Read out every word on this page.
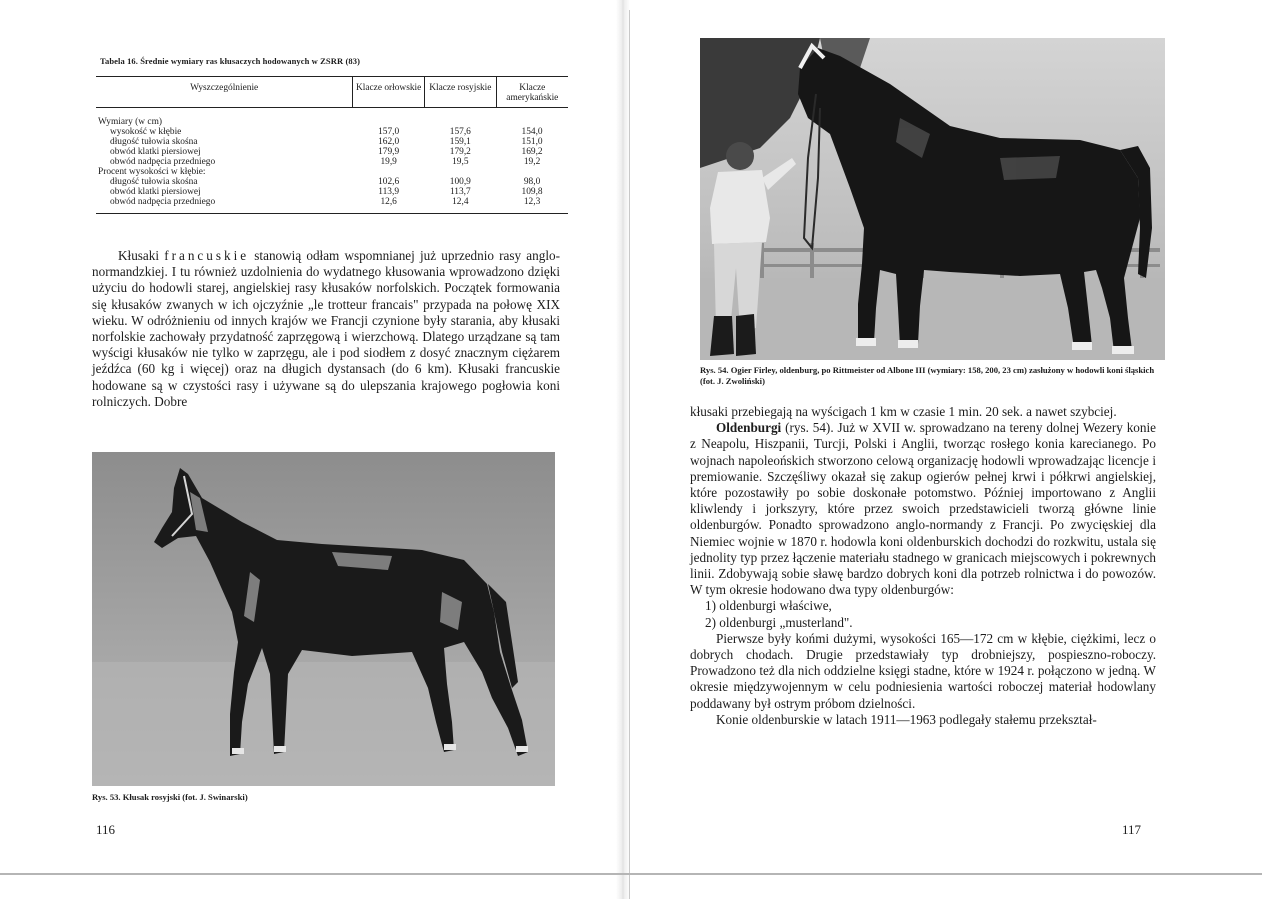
Tabela 16. Średnie wymiary ras kłusaczych hodowanych w ZSRR (83)
Wyszczególnienie	Klacze orłowskie	Klacze rosyjskie	Klacze amerykańskie
Wymiary (w cm)			
wysokość w kłębie	157,0	157,6	154,0
długość tułowia skośna	162,0	159,1	151,0
obwód klatki piersiowej	179,9	179,2	169,2
obwód nadpęcia przedniego	19,9	19,5	19,2
Procent wysokości w kłębie:			
długość tułowia skośna	102,6	100,9	98,0
obwód klatki piersiowej	113,9	113,7	109,8
obwód nadpęcia przedniego	12,6	12,4	12,3

Kłusaki francuskie stanowią odłam wspomnianej już uprzednio rasy anglo-normandzkiej. I tu również uzdolnienia do wydatnego kłusowania wprowadzono dzięki użyciu do hodowli starej, angielskiej rasy kłusaków norfolskich. Początek formowania się kłusaków zwanych w ich ojczyźnie „le trotteur francais" przypada na połowę XIX wieku. W odróżnieniu od innych krajów we Francji czynione były starania, aby kłusaki norfolskie zachowały przydatność zaprzęgową i wierzchową. Dlatego urządzane są tam wyścigi kłusaków nie tylko w zaprzęgu, ale i pod siodłem z dosyć znacznym ciężarem jeźdźca (60 kg i więcej) oraz na długich dystansach (do 6 km). Kłusaki francuskie hodowane są w czystości rasy i używane są do ulepszania krajowego pogłowia koni rolniczych. Dobre

Rys. 53. Kłusak rosyjski (fot. J. Swinarski)
116
Rys. 54. Ogier Firley, oldenburg, po Rittmeister od Albone III (wymiary: 158, 200, 23 cm) zasłużony w hodowli koni śląskich (fot. J. Zwoliński)

kłusaki przebiegają na wyścigach 1 km w czasie 1 min. 20 sek. a nawet szybciej.

Oldenburgi (rys. 54). Już w XVII w. sprowadzano na tereny dolnej Wezery konie z Neapolu, Hiszpanii, Turcji, Polski i Anglii, tworząc rosłego konia karecianego. Po wojnach napoleońskich stworzono celową organizację hodowli wprowadzając licencje i premiowanie. Szczęśliwy okazał się zakup ogierów pełnej krwi i półkrwi angielskiej, które pozostawiły po sobie doskonałe potomstwo. Później importowano z Anglii kliwlendy i jorkszyry, które przez swoich przedstawicieli tworzą główne linie oldenburgów. Ponadto sprowadzono anglo-normandy z Francji. Po zwycięskiej dla Niemiec wojnie w 1870 r. hodowla koni oldenburskich dochodzi do rozkwitu, ustala się jednolity typ przez łączenie materiału stadnego w granicach miejscowych i pokrewnych linii. Zdobywają sobie sławę bardzo dobrych koni dla potrzeb rolnictwa i do powozów. W tym okresie hodowano dwa typy oldenburgów:

1) oldenburgi właściwe,

2) oldenburgi „musterland".

Pierwsze były końmi dużymi, wysokości 165—172 cm w kłębie, ciężkimi, lecz o dobrych chodach. Drugie przedstawiały typ drobniejszy, pospieszno-roboczy. Prowadzono też dla nich oddzielne księgi stadne, które w 1924 r. połączono w jedną. W okresie międzywojennym w celu podniesienia wartości roboczej materiał hodowlany poddawany był ostrym próbom dzielności.

Konie oldenburskie w latach 1911—1963 podlegały stałemu przekształ-

117
